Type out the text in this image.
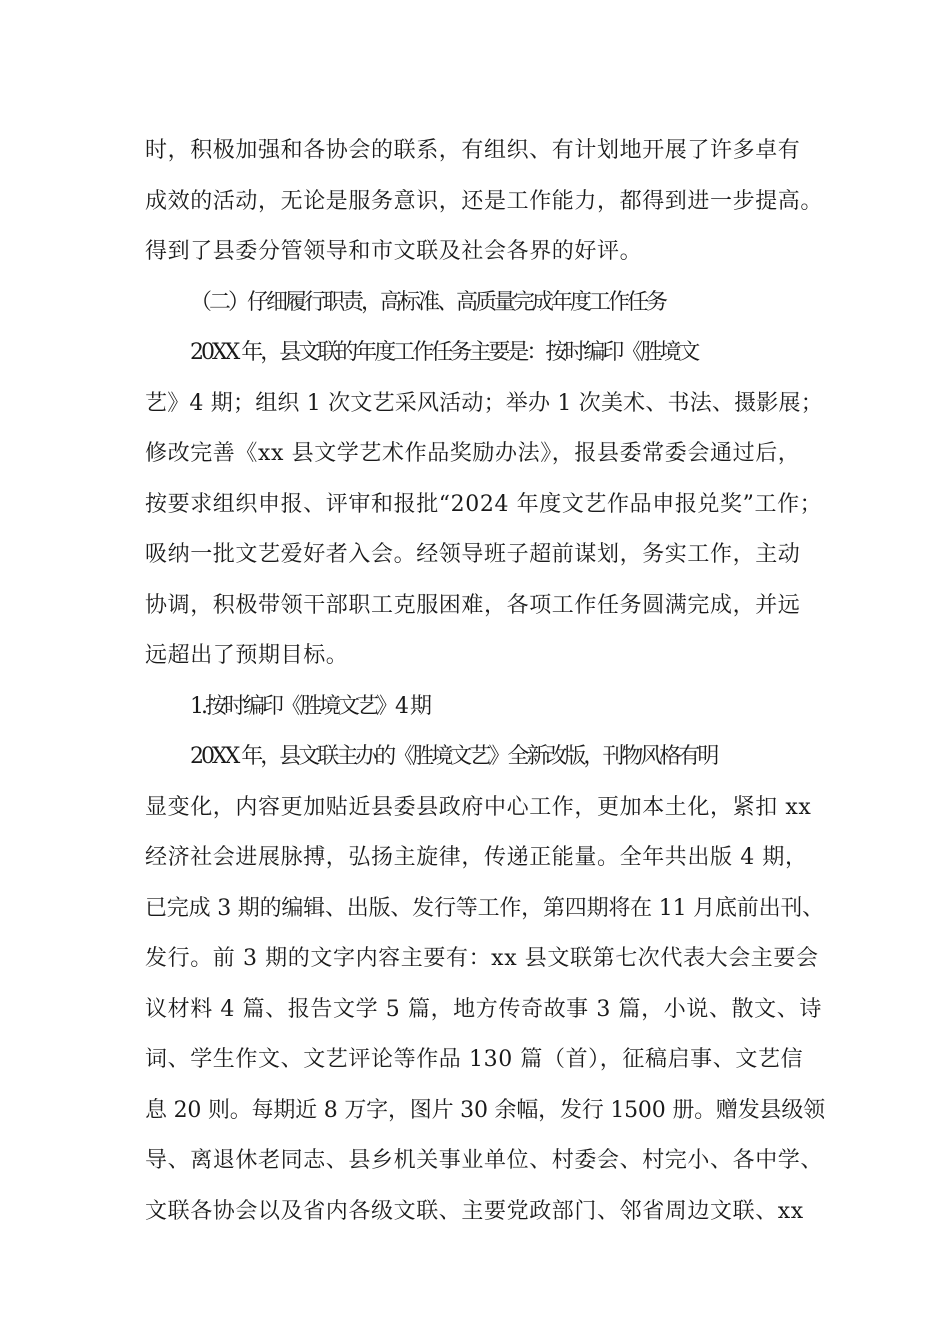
时，积极加强和各协会的联系，有组织、有计划地开展了许多卓有
成效的活动，无论是服务意识，还是工作能力，都得到进一步提高。
得到了县委分管领导和市文联及社会各界的好评。
（二）仔细履行职责，高标准、高质量完成年度工作任务
20XX 年，县文联的年度工作任务主要是：按时编印《胜境文
艺》4 期；组织 1 次文艺采风活动；举办 1 次美术、书法、摄影展；
修改完善《xx 县文学艺术作品奖励办法》，报县委常委会通过后，
按要求组织申报、评审和报批“2024 年度文艺作品申报兑奖”工作；
吸纳一批文艺爱好者入会。经领导班子超前谋划，务实工作，主动
协调，积极带领干部职工克服困难，各项工作任务圆满完成，并远
远超出了预期目标。
1.按时编印《胜境文艺》4 期
20XX 年，县文联主办的《胜境文艺》全新改版，刊物风格有明
显变化，内容更加贴近县委县政府中心工作，更加本土化，紧扣 xx
经济社会进展脉搏，弘扬主旋律，传递正能量。全年共出版 4 期，
已完成 3 期的编辑、出版、发行等工作，第四期将在 11 月底前出刊、
发行。前 3 期的文字内容主要有：xx 县文联第七次代表大会主要会
议材料 4 篇、报告文学 5 篇，地方传奇故事 3 篇，小说、散文、诗
词、学生作文、文艺评论等作品 130 篇（首），征稿启事、文艺信
息 20 则。每期近 8 万字，图片 30 余幅，发行 1500 册。赠发县级领
导、离退休老同志、县乡机关事业单位、村委会、村完小、各中学、
文联各协会以及省内各级文联、主要党政部门、邻省周边文联、xx
